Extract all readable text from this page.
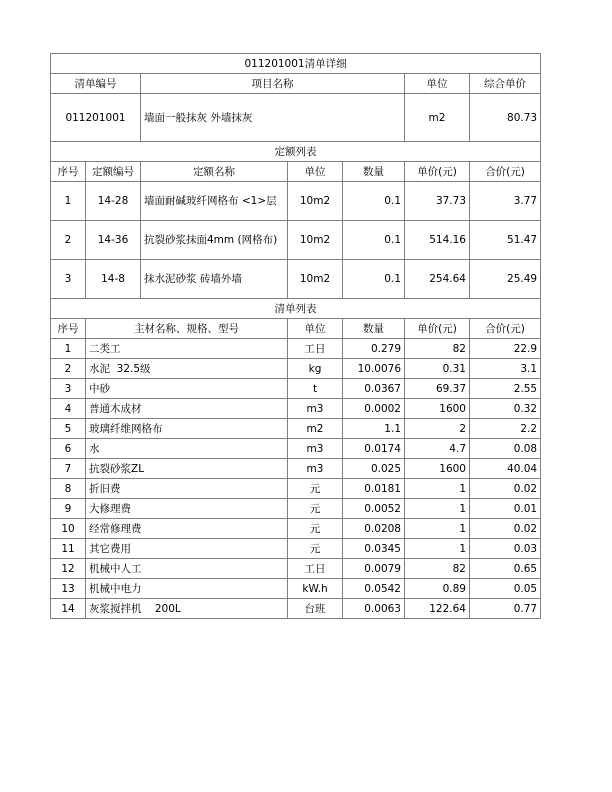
011201001清单详细						
清单编号		项目名称			单位	综合单价
011201001		墙面一般抹灰 外墙抹灰			m2	80.73
定额列表						
序号	定额编号	定额名称	单位	数量	单价(元)	合价(元)
1	14-28	墙面耐碱玻纤网格布 <1>层	10m2	0.1	37.73	3.77
2	14-36	抗裂砂浆抹面4mm (网格布)	10m2	0.1	514.16	51.47
3	14-8	抹水泥砂浆 砖墙外墙	10m2	0.1	254.64	25.49
清单列表						
序号	主材名称、规格、型号		单位	数量	单价(元)	合价(元)
1	二类工		工日	0.279	82	22.9
2	水泥  32.5级		kg	10.0076	0.31	3.1
3	中砂		t	0.0367	69.37	2.55
4	普通木成材		m3	0.0002	1600	0.32
5	玻璃纤维网格布		m2	1.1	2	2.2
6	水		m3	0.0174	4.7	0.08
7	抗裂砂浆ZL		m3	0.025	1600	40.04
8	折旧费		元	0.0181	1	0.02
9	大修理费		元	0.0052	1	0.01
10	经常修理费		元	0.0208	1	0.02
11	其它费用		元	0.0345	1	0.03
12	机械中人工		工日	0.0079	82	0.65
13	机械中电力		kW.h	0.0542	0.89	0.05
14	灰浆搅拌机    200L		台班	0.0063	122.64	0.77
